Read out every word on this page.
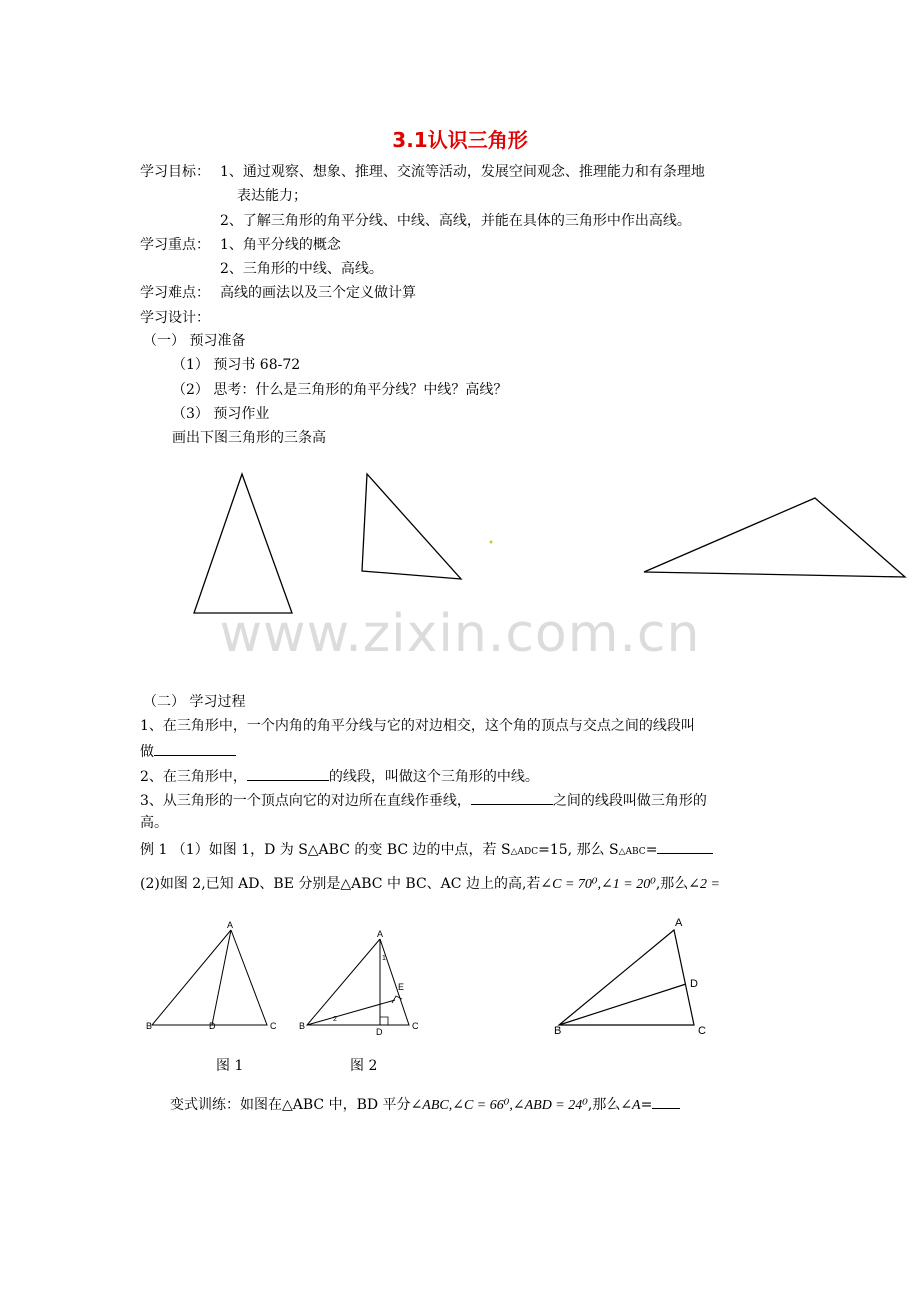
3.1认识三角形
学习目标： 1、通过观察、想象、推理、交流等活动，发展空间观念、推理能力和有条理地
表达能力；
2、了解三角形的角平分线、中线、高线，并能在具体的三角形中作出高线。
学习重点： 1、角平分线的概念
2、三角形的中线、高线。
学习难点： 高线的画法以及三个定义做计算
学习设计：
（一） 预习准备
（1） 预习书 68-72
（2） 思考：什么是三角形的角平分线？中线？高线？
（3） 预习作业
画出下图三角形的三条高
www.zixin.com.cn
（二） 学习过程
1、在三角形中，一个内角的角平分线与它的对边相交，这个角的顶点与交点之间的线段叫
做
2、在三角形中，	的线段，叫做这个三角形的中线。
3、从三角形的一个顶点向它的对边所在直线作垂线，	之间的线段叫做三角形的
高。
例 1 （1）如图 1，D 为 S△ABC 的变 BC 边的中点，若 S△ADC=15, 那么 S△ABC=
(2)如图 2,已知 AD、BE 分别是△ABC 中 BC、AC 边上的高,若∠C = 70⁰,∠1 = 20⁰,那么∠2 =
A
B	D	C
A
1
E
B
2
D
C
A
D
B	C
图 1	图 2
变式训练：如图在△ABC 中，BD 平分∠ABC,∠C = 66⁰,∠ABD = 24⁰,那么∠A=
